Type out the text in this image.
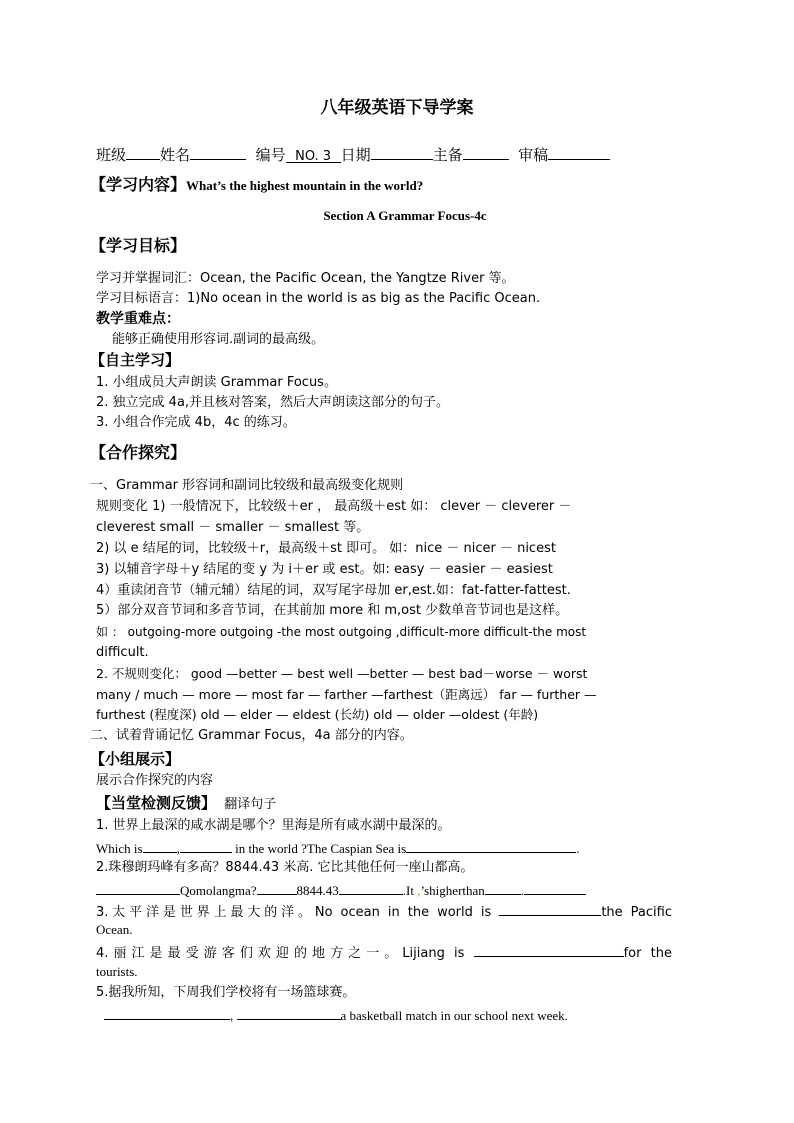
八年级英语下导学案
班级 姓名	编号 NO. 3 日期	主备	审稿
【学习内容】What’s the highest mountain in the world?
Section A Grammar Focus-4c
【学习目标】
学习并掌握词汇：Ocean, the Pacific Ocean, the Yangtze River 等。
学习目标语言：1)No ocean in the world is as big as the Pacific Ocean.
教学重难点：
能够正确使用形容词.副词的最高级。
【自主学习】
1. 小组成员大声朗读 Grammar Focus。
2. 独立完成 4a,并且核对答案，然后大声朗读这部分的句子。
3. 小组合作完成 4b，4c 的练习。
【合作探究】
一、Grammar 形容词和副词比较级和最高级变化规则
规则变化 1) 一般情况下，比较级＋er ， 最高级＋est 如： clever － cleverer －
cleverest small － smaller － smallest 等。
2) 以 e 结尾的词，比较级＋r，最高级＋st 即可。 如：nice － nicer － nicest
3) 以辅音字母＋y 结尾的变 y 为 i＋er 或 est。如: easy － easier － easiest
4）重读闭音节（辅元辅）结尾的词，双写尾字母加 er,est.如：fat-fatter-fattest.
5）部分双音节词和多音节词，在其前加 more 和 m,ost 少数单音节词也是这样。
如 ： outgoing-more outgoing -the most outgoing ,difficult-more difficult-the most
difficult.
2. 不规则变化： good —better — best well —better — best bad－worse － worst
many / much — more — most far — farther —farthest（距离远） far — further —
furthest (程度深) old — elder — eldest (长幼) old — older —oldest (年龄)
二、试着背诵记忆 Grammar Focus，4a 部分的内容。
【小组展示】
展示合作探究的内容
【当堂检测反馈】 翻译句子
1. 世界上最深的咸水湖是哪个？里海是所有咸水湖中最深的。
Which is	,	in the world ?The Caspian Sea is	.
2.珠穆朗玛峰有多高？8844.43 米高. 它比其他任何一座山都高。
Qomolangma?	8844.43	.It ,’shigherthan	.
3.太平洋是世界上最大的洋。No ocean in the world is	the Pacific
Ocean.
4.丽江是最受游客们欢迎的地方之一。Lijiang is	for the
tourists.
5.据我所知，下周我们学校将有一场篮球赛。
,	a basketball match in our school next week.
